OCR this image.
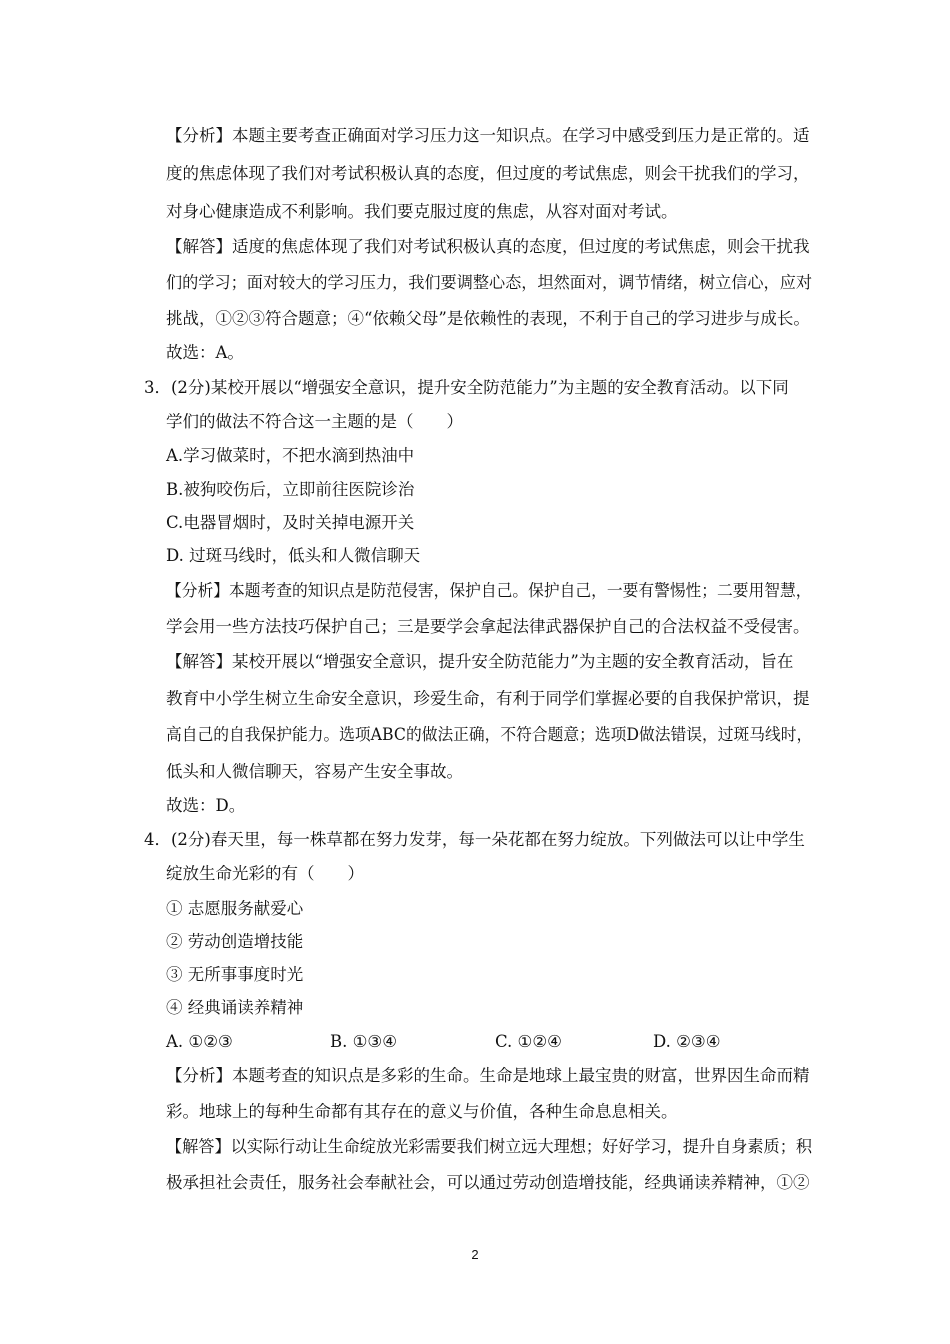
【分析】本题主要考查正确面对学习压力这一知识点。在学习中感受到压力是正常的。适
度的焦虑体现了我们对考试积极认真的态度，但过度的考试焦虑，则会干扰我们的学习，
对身心健康造成不利影响。我们要克服过度的焦虑，从容对面对考试。
【解答】适度的焦虑体现了我们对考试积极认真的态度，但过度的考试焦虑，则会干扰我
们的学习；面对较大的学习压力，我们要调整心态，坦然面对，调节情绪，树立信心，应对
挑战，①②③符合题意；④“依赖父母”是依赖性的表现，不利于自己的学习进步与成长。
故选：A。
3．(2分)某校开展以“增强安全意识，提升安全防范能力”为主题的安全教育活动。以下同
学们的做法不符合这一主题的是（　　）
A.学习做菜时，不把水滴到热油中
B.被狗咬伤后，立即前往医院诊治
C.电器冒烟时，及时关掉电源开关
D. 过斑马线时，低头和人微信聊天
【分析】本题考查的知识点是防范侵害，保护自己。保护自己，一要有警惕性；二要用智慧，
学会用一些方法技巧保护自己；三是要学会拿起法律武器保护自己的合法权益不受侵害。
【解答】某校开展以“增强安全意识，提升安全防范能力”为主题的安全教育活动，旨在
教育中小学生树立生命安全意识，珍爱生命，有利于同学们掌握必要的自我保护常识，提
高自己的自我保护能力。选项ABC的做法正确，不符合题意；选项D做法错误，过斑马线时，
低头和人微信聊天，容易产生安全事故。
故选：D。
4．(2分)春天里，每一株草都在努力发芽，每一朵花都在努力绽放。下列做法可以让中学生
绽放生命光彩的有（　　）
① 志愿服务献爱心
② 劳动创造增技能
③ 无所事事度时光
④ 经典诵读养精神
A. ①②③	B. ①③④	C. ①②④	D. ②③④
【分析】本题考查的知识点是多彩的生命。生命是地球上最宝贵的财富，世界因生命而精
彩。地球上的每种生命都有其存在的意义与价值，各种生命息息相关。
【解答】以实际行动让生命绽放光彩需要我们树立远大理想；好好学习，提升自身素质；积
极承担社会责任，服务社会奉献社会，可以通过劳动创造增技能，经典诵读养精神，①②
2
